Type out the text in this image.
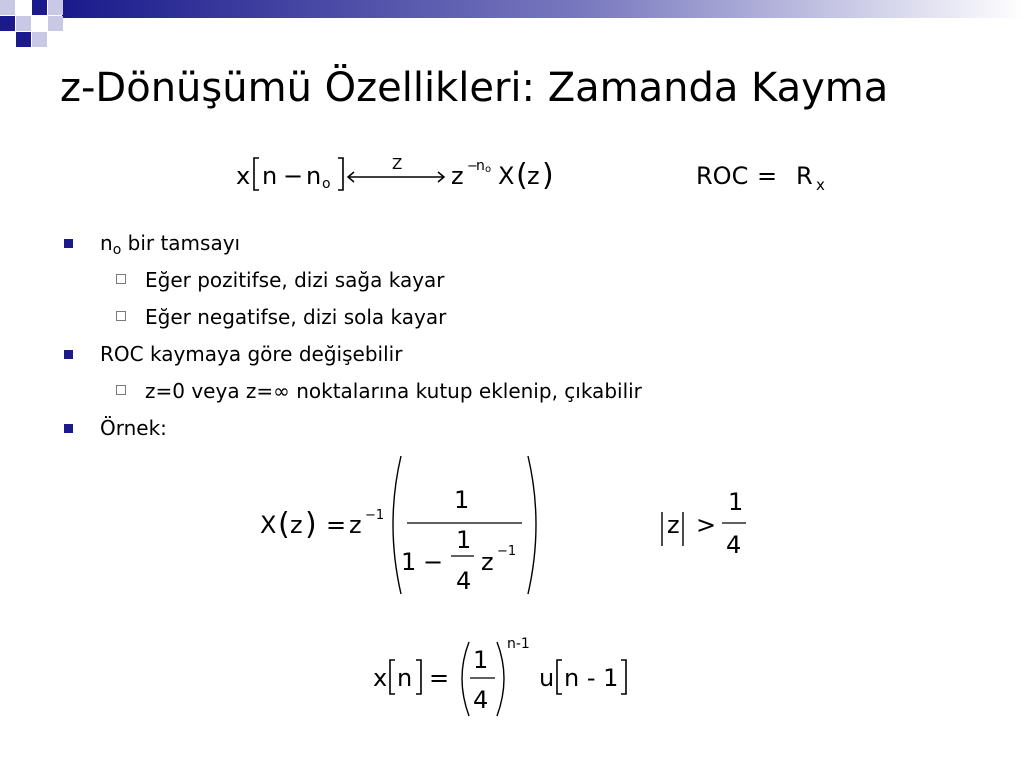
z-Dönüşümü Özellikleri: Zamanda Kayma
x n − n o
Z z −
n o X ( z )	ROC = R x
$n_o$ bir tamsayı
Eğer pozitifse, dizi sağa kayar
Eğer negatifse, dizi sola kayar
ROC kaymaya göre değişebilir
z=0 veya z=∞ noktalarına kutup eklenip, çıkabilir
Örnek:
X ( z ) = z −1
1
1 −
1
4
z −1
z >
1
4
x n =
1
4
n-1
u n - 1
